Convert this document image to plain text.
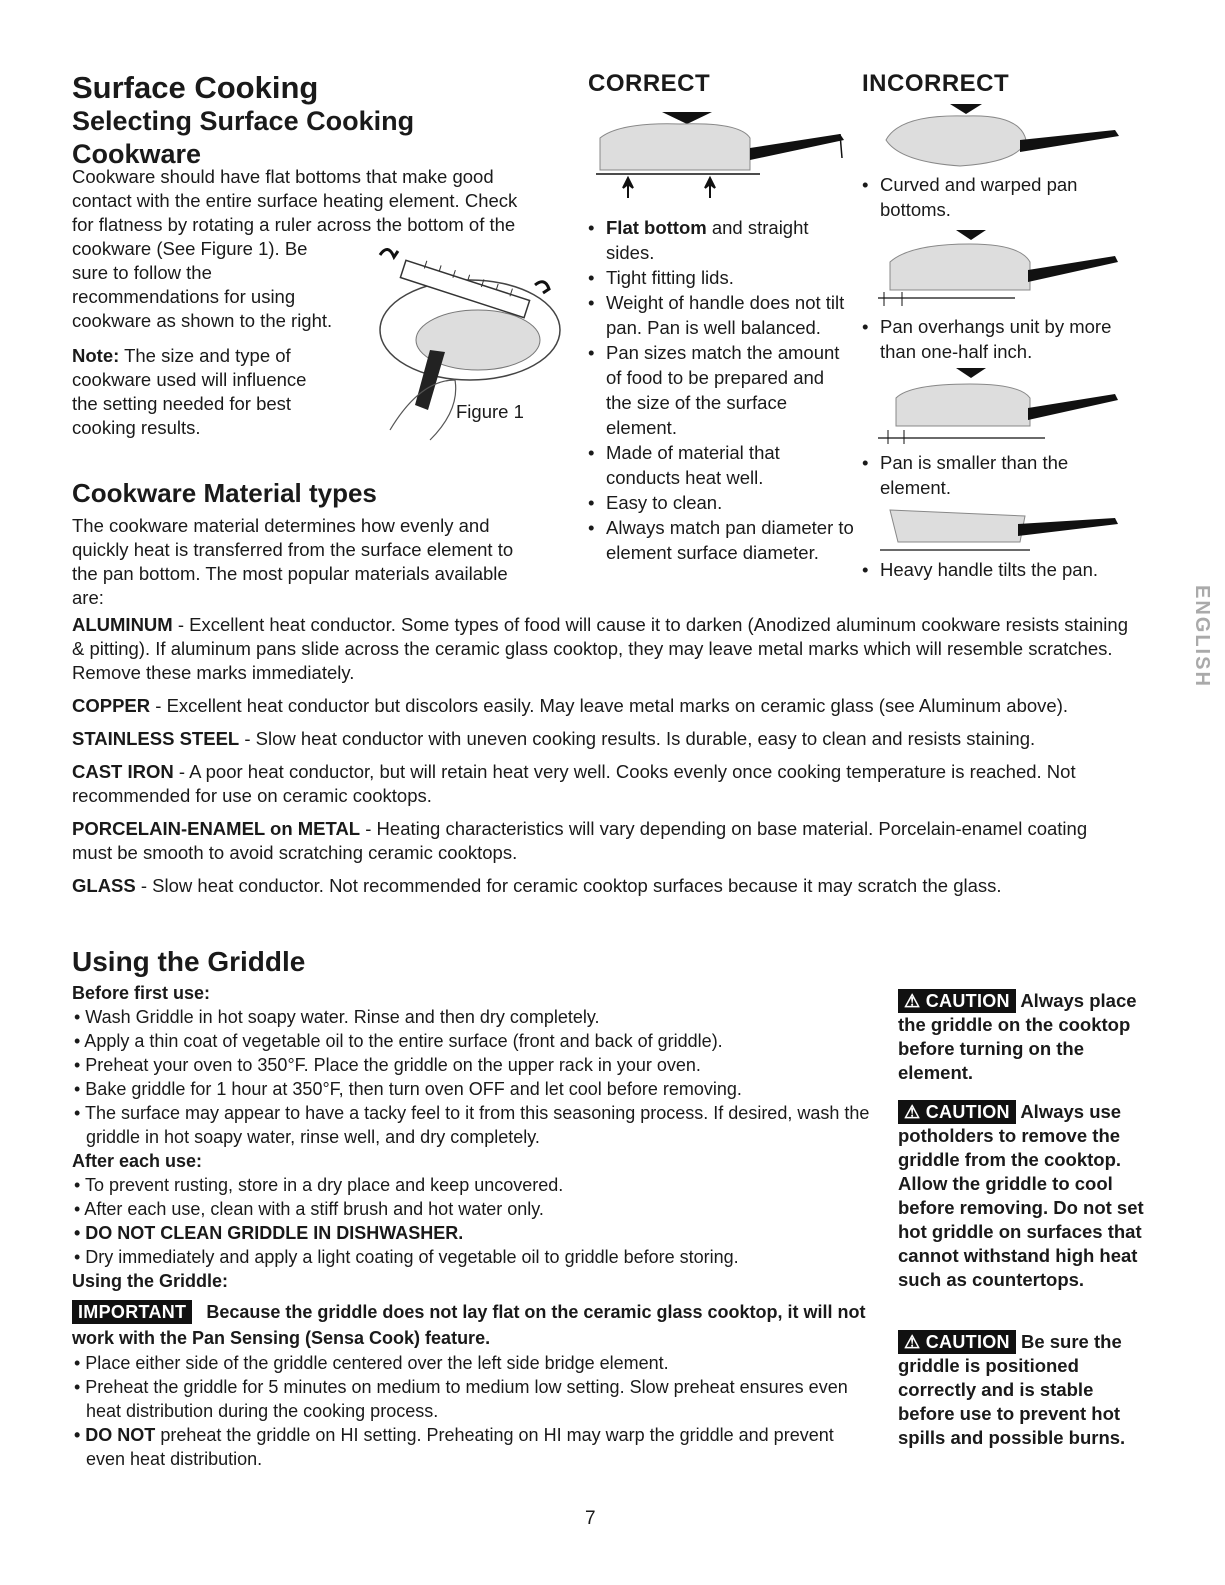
Surface Cooking
Selecting Surface Cooking
Cookware
Cookware should have flat bottoms that make good
contact with the entire surface heating element. Check
for flatness by rotating a ruler across the bottom of the
cookware (See Figure 1). Be
sure to follow the
recommendations for using
cookware as shown to the right.
Note: The size and type of
cookware used will influence
the setting needed for best
cooking results.
Figure 1
Cookware Material types
The cookware material determines how evenly and
quickly heat is transferred from the surface element to
the pan bottom. The most popular materials available
are:
CORRECT
• Flat bottom and straight sides.
• Tight fitting lids.
• Weight of handle does not tilt pan. Pan is well balanced.
• Pan sizes match the amount of food to be prepared and the size of the surface element.
• Made of material that conducts heat well.
• Easy to clean.
• Always match pan diameter to element surface diameter.
INCORRECT
• Curved and warped pan bottoms.
• Pan overhangs unit by more than one-half inch.
• Pan is smaller than the element.
• Heavy handle tilts the pan.
ENGLISH

ALUMINUM - Excellent heat conductor. Some types of food will cause it to darken (Anodized aluminum cookware resists staining & pitting). If aluminum pans slide across the ceramic glass cooktop, they may leave metal marks which will resemble scratches. Remove these marks immediately.

COPPER - Excellent heat conductor but discolors easily. May leave metal marks on ceramic glass (see Aluminum above).

STAINLESS STEEL - Slow heat conductor with uneven cooking results. Is durable, easy to clean and resists staining.

CAST IRON - A poor heat conductor, but will retain heat very well. Cooks evenly once cooking temperature is reached. Not recommended for use on ceramic cooktops.

PORCELAIN-ENAMEL on METAL - Heating characteristics will vary depending on base material. Porcelain-enamel coating must be smooth to avoid scratching ceramic cooktops.

GLASS - Slow heat conductor. Not recommended for ceramic cooktop surfaces because it may scratch the glass.

Using the Griddle
Before first use:
• Wash Griddle in hot soapy water. Rinse and then dry completely.
• Apply a thin coat of vegetable oil to the entire surface (front and back of griddle).
• Preheat your oven to 350°F. Place the griddle on the upper rack in your oven.
• Bake griddle for 1 hour at 350°F, then turn oven OFF and let cool before removing.
• The surface may appear to have a tacky feel to it from this seasoning process. If desired, wash the griddle in hot soapy water, rinse well, and dry completely.
After each use:
• To prevent rusting, store in a dry place and keep uncovered.
• After each use, clean with a stiff brush and hot water only.
• DO NOT CLEAN GRIDDLE IN DISHWASHER.
• Dry immediately and apply a light coating of vegetable oil to griddle before storing.
Using the Griddle:
IMPORTANT Because the griddle does not lay flat on the ceramic glass cooktop, it will not work with the Pan Sensing (Sensa Cook) feature.
• Place either side of the griddle centered over the left side bridge element.
• Preheat the griddle for 5 minutes on medium to medium low setting. Slow preheat ensures even heat distribution during the cooking process.
• DO NOT preheat the griddle on HI setting. Preheating on HI may warp the griddle and prevent even heat distribution.
⚠ CAUTION Always place the griddle on the cooktop before turning on the element.
⚠ CAUTION Always use potholders to remove the griddle from the cooktop. Allow the griddle to cool before removing. Do not set hot griddle on surfaces that cannot withstand high heat such as countertops.
⚠ CAUTION Be sure the griddle is positioned correctly and is stable before use to prevent hot spills and possible burns.
7
